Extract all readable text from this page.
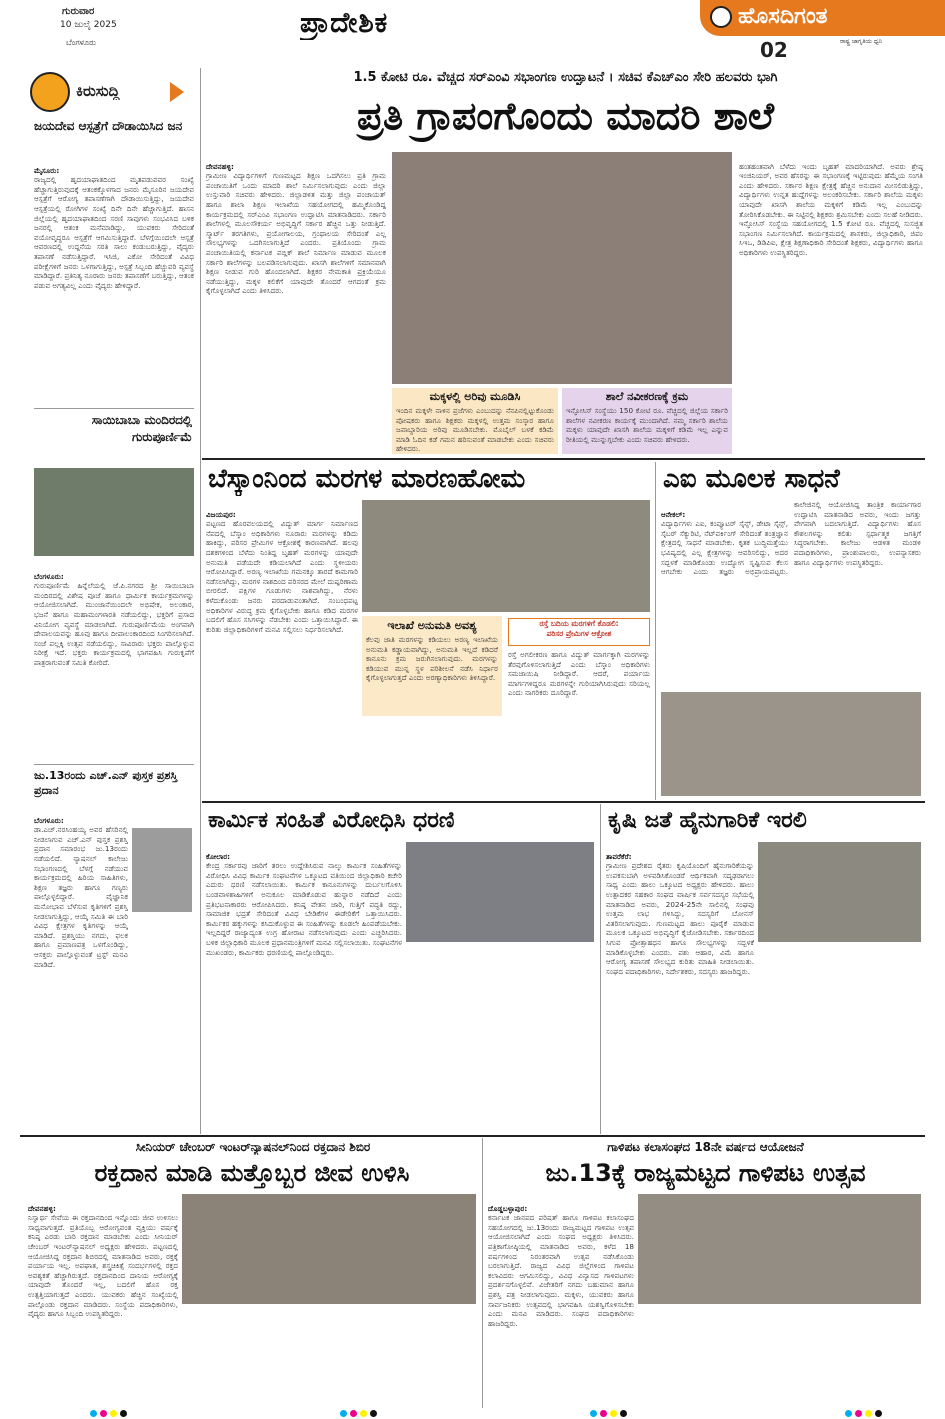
ಗುರುವಾರ
10 ಜುಲೈ 2025
ಬೆಂಗಳೂರು
ಪ್ರಾದೇಶಿಕ	ಹೊಸದಿಗಂತ
ರಾಷ್ಟ್ರ ಜಾಗೃತಿಯ ಧ್ವನಿ
02
ಕಿರುಸುದ್ದಿ
ಜಯದೇವ ಆಸ್ಪತ್ರೆಗೆ ದೌಡಾಯಿಸಿದ ಜನ

ಮೈಸೂರು:
ರಾಜ್ಯದಲ್ಲಿ ಹೃದಯಾಘಾತದಿಂದ ಮೃತಪಡುವವರ ಸಂಖ್ಯೆ ಹೆಚ್ಚಾಗುತ್ತಿರುವುದಕ್ಕೆ ಆತಂಕಕ್ಕೊಳಗಾದ ಜನರು ಮೈಸೂರಿನ ಜಯದೇವ ಆಸ್ಪತ್ರೆಗೆ ಆರೋಗ್ಯ ತಪಾಸಣೆಗಾಗಿ ದೌಡಾಯಿಸುತ್ತಿದ್ದು, ಜಯದೇವ ಆಸ್ಪತ್ರೆಯಲ್ಲಿ ರೋಗಿಗಳ ಸಂಖ್ಯೆ ದಿನೇ ದಿನೇ ಹೆಚ್ಚಾಗುತ್ತಿದೆ. ಹಾಸನ ಜಿಲ್ಲೆಯಲ್ಲಿ ಹೃದಯಾಘಾತದಿಂದ ಸರಣಿ ಸಾವುಗಳು ಸಂಭವಿಸಿದ ಬಳಿಕ ಜನರಲ್ಲಿ ಆತಂಕ ಮನೆಮಾಡಿದ್ದು, ಯುವಕರು ಸೇರಿದಂತೆ ವಯೋವೃದ್ಧರೂ ಆಸ್ಪತ್ರೆಗೆ ಆಗಮಿಸುತ್ತಿದ್ದಾರೆ. ಬೆಳಗ್ಗೆಯಿಂದಲೇ ಆಸ್ಪತ್ರೆ ಆವರಣದಲ್ಲಿ ಉದ್ದನೆಯ ಸರತಿ ಸಾಲು ಕಂಡುಬರುತ್ತಿದ್ದು, ವೈದ್ಯರು ತಪಾಸಣೆ ನಡೆಸುತ್ತಿದ್ದಾರೆ. ಇಸಿಜಿ, ಎಕೋ ಸೇರಿದಂತೆ ವಿವಿಧ ಪರೀಕ್ಷೆಗಳಿಗೆ ಜನರು ಒಳಗಾಗುತ್ತಿದ್ದು, ಆಸ್ಪತ್ರೆ ಸಿಬ್ಬಂದಿ ಹೆಚ್ಚುವರಿ ವ್ಯವಸ್ಥೆ ಮಾಡಿದ್ದಾರೆ. ಪ್ರತಿನಿತ್ಯ ನೂರಾರು ಜನರು ತಪಾಸಣೆಗೆ ಬರುತ್ತಿದ್ದು, ಆತಂಕ ಪಡುವ ಅಗತ್ಯವಿಲ್ಲ ಎಂದು ವೈದ್ಯರು ಹೇಳಿದ್ದಾರೆ.

ಸಾಯಿಬಾಬಾ ಮಂದಿರದಲ್ಲಿ ಗುರುಪೂರ್ಣಿಮೆ

ಬೆಂಗಳೂರು:
ಗುರುಪೂರ್ಣಿಮೆ ಹಿನ್ನೆಲೆಯಲ್ಲಿ ಜೆ.ಪಿ.ನಗರದ ಶ್ರೀ ಸಾಯಿಬಾಬಾ ಮಂದಿರದಲ್ಲಿ ವಿಶೇಷ ಪೂಜೆ ಹಾಗೂ ಧಾರ್ಮಿಕ ಕಾರ್ಯಕ್ರಮಗಳನ್ನು ಆಯೋಜಿಸಲಾಗಿದೆ. ಮುಂಜಾನೆಯಿಂದಲೇ ಅಭಿಷೇಕ, ಅಲಂಕಾರ, ಭಜನೆ ಹಾಗೂ ಮಹಾಮಂಗಳಾರತಿ ನಡೆಯಲಿದ್ದು, ಭಕ್ತರಿಗೆ ಪ್ರಸಾದ ವಿನಿಯೋಗ ವ್ಯವಸ್ಥೆ ಮಾಡಲಾಗಿದೆ. ಗುರುಪೂರ್ಣಿಮೆಯ ಅಂಗವಾಗಿ ದೇವಾಲಯವನ್ನು ಹೂವು ಹಾಗೂ ದೀಪಾಲಂಕಾರದಿಂದ ಸಿಂಗರಿಸಲಾಗಿದೆ. ಸಂಜೆ ಪಲ್ಲಕ್ಕಿ ಉತ್ಸವ ನಡೆಯಲಿದ್ದು, ಸಾವಿರಾರು ಭಕ್ತರು ಪಾಲ್ಗೊಳ್ಳುವ ನಿರೀಕ್ಷೆ ಇದೆ. ಭಕ್ತರು ಕಾರ್ಯಕ್ರಮದಲ್ಲಿ ಭಾಗವಹಿಸಿ ಗುರುಕೃಪೆಗೆ ಪಾತ್ರರಾಗುವಂತೆ ಸಮಿತಿ ಕೋರಿದೆ.

ಜು.13ರಂದು ಎಚ್.ಎನ್ ಪುಸ್ತಕ ಪ್ರಶಸ್ತಿ ಪ್ರದಾನ

ಬೆಂಗಳೂರು:
ಡಾ.ಎಚ್.ನರಸಿಂಹಯ್ಯ ಅವರ ಹೆಸರಿನಲ್ಲಿ ನೀಡಲಾಗುವ ಎಚ್.ಎನ್ ಪುಸ್ತಕ ಪ್ರಶಸ್ತಿ ಪ್ರದಾನ ಸಮಾರಂಭ ಜು.13ರಂದು ನಡೆಯಲಿದೆ. ನ್ಯಾಷನಲ್ ಕಾಲೇಜು ಸಭಾಂಗಣದಲ್ಲಿ ಬೆಳಗ್ಗೆ ನಡೆಯುವ ಕಾರ್ಯಕ್ರಮದಲ್ಲಿ ಹಿರಿಯ ಸಾಹಿತಿಗಳು, ಶಿಕ್ಷಣ ತಜ್ಞರು ಹಾಗೂ ಗಣ್ಯರು ಪಾಲ್ಗೊಳ್ಳಲಿದ್ದಾರೆ. ವೈಜ್ಞಾನಿಕ ಮನೋಭಾವ ಬೆಳೆಸುವ ಕೃತಿಗಳಿಗೆ ಪ್ರಶಸ್ತಿ ನೀಡಲಾಗುತ್ತಿದ್ದು, ಆಯ್ಕೆ ಸಮಿತಿ ಈ ಬಾರಿ ವಿವಿಧ ಕ್ಷೇತ್ರಗಳ ಕೃತಿಗಳನ್ನು ಆಯ್ಕೆ ಮಾಡಿದೆ. ಪ್ರಶಸ್ತಿಯು ನಗದು, ಫಲಕ ಹಾಗೂ ಪ್ರಮಾಣಪತ್ರ ಒಳಗೊಂಡಿದ್ದು, ಆಸಕ್ತರು ಪಾಲ್ಗೊಳ್ಳುವಂತೆ ಟ್ರಸ್ಟ್ ಮನವಿ ಮಾಡಿದೆ.

1.5 ಕೋಟಿ ರೂ. ವೆಚ್ಚದ ಸರ್‌ಎಂವಿ ಸಭಾಂಗಣ ಉದ್ಘಾಟನೆ । ಸಚಿವ ಕೆಎಚ್‌ಎಂ ಸೇರಿ ಹಲವರು ಭಾಗಿ
ಪ್ರತಿ ಗ್ರಾಪಂಗೊಂದು ಮಾದರಿ ಶಾಲೆ

ದೇವನಹಳ್ಳಿ:
ಗ್ರಾಮೀಣ ವಿದ್ಯಾರ್ಥಿಗಳಿಗೆ ಗುಣಮಟ್ಟದ ಶಿಕ್ಷಣ ಒದಗಿಸಲು ಪ್ರತಿ ಗ್ರಾಮ ಪಂಚಾಯಿತಿಗೆ ಒಂದು ಮಾದರಿ ಶಾಲೆ ನಿರ್ಮಿಸಲಾಗುವುದು ಎಂದು ಜಿಲ್ಲಾ ಉಸ್ತುವಾರಿ ಸಚಿವರು ಹೇಳಿದರು. ಜಿಲ್ಲಾಡಳಿತ ಮತ್ತು ಜಿಲ್ಲಾ ಪಂಚಾಯತ್ ಹಾಗೂ ಶಾಲಾ ಶಿಕ್ಷಣ ಇಲಾಖೆಯ ಸಹಯೋಗದಲ್ಲಿ ಹಮ್ಮಿಕೊಂಡಿದ್ದ ಕಾರ್ಯಕ್ರಮದಲ್ಲಿ ಸರ್‌ಎಂವಿ ಸಭಾಂಗಣ ಉದ್ಘಾಟಿಸಿ ಮಾತನಾಡಿದರು. ಸರ್ಕಾರಿ ಶಾಲೆಗಳಲ್ಲಿ ಮೂಲಸೌಕರ್ಯ ಅಭಿವೃದ್ಧಿಗೆ ಸರ್ಕಾರ ಹೆಚ್ಚಿನ ಒತ್ತು ನೀಡುತ್ತಿದೆ. ಸ್ಮಾರ್ಟ್ ತರಗತಿಗಳು, ಪ್ರಯೋಗಾಲಯ, ಗ್ರಂಥಾಲಯ ಸೇರಿದಂತೆ ಎಲ್ಲ ಸೌಲಭ್ಯಗಳನ್ನು ಒದಗಿಸಲಾಗುತ್ತಿದೆ ಎಂದರು. ಪ್ರತಿಯೊಂದು ಗ್ರಾಮ ಪಂಚಾಯಿತಿಯಲ್ಲಿ ಕರ್ನಾಟಕ ಪಬ್ಲಿಕ್ ಶಾಲೆ ನಿರ್ಮಾಣ ಮಾಡುವ ಮೂಲಕ ಸರ್ಕಾರಿ ಶಾಲೆಗಳನ್ನು ಬಲಪಡಿಸಲಾಗುವುದು. ಖಾಸಗಿ ಶಾಲೆಗಳಿಗೆ ಸಮಾನವಾಗಿ ಶಿಕ್ಷಣ ನೀಡುವ ಗುರಿ ಹೊಂದಲಾಗಿದೆ. ಶಿಕ್ಷಕರ ನೇಮಕಾತಿ ಪ್ರಕ್ರಿಯೆಯೂ ನಡೆಯುತ್ತಿದ್ದು, ಮಕ್ಕಳ ಕಲಿಕೆಗೆ ಯಾವುದೇ ತೊಂದರೆ ಆಗದಂತೆ ಕ್ರಮ ಕೈಗೊಳ್ಳಲಾಗಿದೆ ಎಂದು ತಿಳಿಸಿದರು.

ಹಂತಹಂತವಾಗಿ ಬೆಳೆದು ಇಂದು ಬೃಹತ್ ಮಾದರಿಯಾಗಿದೆ. ಅವರು ಶ್ರೇಷ್ಠ ಇಂಜಿನಿಯರ್, ಅವರ ಹೆಸರನ್ನು ಈ ಸಭಾಂಗಣಕ್ಕೆ ಇಟ್ಟಿರುವುದು ಹೆಮ್ಮೆಯ ಸಂಗತಿ ಎಂದು ಹೇಳಿದರು. ಸರ್ಕಾರ ಶಿಕ್ಷಣ ಕ್ಷೇತ್ರಕ್ಕೆ ಹೆಚ್ಚಿನ ಅನುದಾನ ಮೀಸಲಿಡುತ್ತಿದ್ದು, ವಿದ್ಯಾರ್ಥಿಗಳು ಉನ್ನತ ಹುದ್ದೆಗಳನ್ನು ಅಲಂಕರಿಸಬೇಕು. ಸರ್ಕಾರಿ ಶಾಲೆಯ ಮಕ್ಕಳು ಯಾವುದೇ ಖಾಸಗಿ ಶಾಲೆಯ ಮಕ್ಕಳಿಗೆ ಕಡಿಮೆ ಇಲ್ಲ ಎಂಬುದನ್ನು ತೋರಿಸಿಕೊಡಬೇಕು. ಈ ನಿಟ್ಟಿನಲ್ಲಿ ಶಿಕ್ಷಕರು ಶ್ರಮಿಸಬೇಕು ಎಂದು ಸಲಹೆ ನೀಡಿದರು. ಇನ್ಫೋಸಿಸ್ ಸಂಸ್ಥೆಯ ಸಹಯೋಗದಲ್ಲಿ 1.5 ಕೋಟಿ ರೂ. ವೆಚ್ಚದಲ್ಲಿ ಸುಸಜ್ಜಿತ ಸಭಾಂಗಣ ನಿರ್ಮಿಸಲಾಗಿದೆ. ಕಾರ್ಯಕ್ರಮದಲ್ಲಿ ಶಾಸಕರು, ಜಿಲ್ಲಾಧಿಕಾರಿ, ಜಿಪಂ ಸಿಇಒ, ಡಿಡಿಪಿಐ, ಕ್ಷೇತ್ರ ಶಿಕ್ಷಣಾಧಿಕಾರಿ ಸೇರಿದಂತೆ ಶಿಕ್ಷಕರು, ವಿದ್ಯಾರ್ಥಿಗಳು ಹಾಗೂ ಅಧಿಕಾರಿಗಳು ಉಪಸ್ಥಿತರಿದ್ದರು.

ಮಕ್ಕಳಲ್ಲಿ ಅರಿವು ಮೂಡಿಸಿ
ಇಂದಿನ ಮಕ್ಕಳೇ ನಾಳಿನ ಪ್ರಜೆಗಳು ಎಂಬುದನ್ನು ನೆನಪಿನಲ್ಲಿಟ್ಟುಕೊಂಡು ಪೋಷಕರು ಹಾಗೂ ಶಿಕ್ಷಕರು ಮಕ್ಕಳಲ್ಲಿ ಉತ್ತಮ ಸಂಸ್ಕಾರ ಹಾಗೂ ಜವಾಬ್ದಾರಿಯ ಅರಿವು ಮೂಡಿಸಬೇಕು. ಮೊಬೈಲ್ ಬಳಕೆ ಕಡಿಮೆ ಮಾಡಿ ಓದಿನ ಕಡೆ ಗಮನ ಹರಿಸುವಂತೆ ಮಾಡಬೇಕು ಎಂದು ಸಚಿವರು ಹೇಳಿದರು.
ಶಾಲೆ ನವೀಕರಣಕ್ಕೆ ಕ್ರಮ
ಇನ್ಫೋಸಿಸ್ ಸಂಸ್ಥೆಯು 150 ಕೋಟಿ ರೂ. ವೆಚ್ಚದಲ್ಲಿ ಜಿಲ್ಲೆಯ ಸರ್ಕಾರಿ ಶಾಲೆಗಳ ನವೀಕರಣ ಕಾರ್ಯಕ್ಕೆ ಮುಂದಾಗಿದೆ. ನಮ್ಮ ಸರ್ಕಾರಿ ಶಾಲೆಯ ಮಕ್ಕಳು ಯಾವುದೇ ಖಾಸಗಿ ಶಾಲೆಯ ಮಕ್ಕಳಿಗೆ ಕಡಿಮೆ ಇಲ್ಲ ಎನ್ನುವ ರೀತಿಯಲ್ಲಿ ಮುನ್ನುಗ್ಗಬೇಕು ಎಂದು ಸಚಿವರು ಹೇಳಿದರು.
ಬೆಸ್ಕಾಂನಿಂದ ಮರಗಳ ಮಾರಣಹೋಮ

ವಿಜಯಪುರ:
ಪಟ್ಟಣದ ಹೊರವಲಯದಲ್ಲಿ ವಿದ್ಯುತ್ ಮಾರ್ಗ ನಿರ್ಮಾಣದ ನೆಪದಲ್ಲಿ ಬೆಸ್ಕಾಂ ಅಧಿಕಾರಿಗಳು ನೂರಾರು ಮರಗಳನ್ನು ಕಡಿದು ಹಾಕಿದ್ದು, ಪರಿಸರ ಪ್ರೇಮಿಗಳ ಆಕ್ರೋಶಕ್ಕೆ ಕಾರಣವಾಗಿದೆ. ಹಲವು ದಶಕಗಳಿಂದ ಬೆಳೆದು ನಿಂತಿದ್ದ ಬೃಹತ್ ಮರಗಳನ್ನು ಯಾವುದೇ ಅನುಮತಿ ಪಡೆಯದೇ ಕಡಿಯಲಾಗಿದೆ ಎಂದು ಸ್ಥಳೀಯರು ಆರೋಪಿಸಿದ್ದಾರೆ. ಅರಣ್ಯ ಇಲಾಖೆಯ ಗಮನಕ್ಕೂ ತಾರದೆ ಕಾಮಗಾರಿ ನಡೆಸಲಾಗಿದ್ದು, ಮರಗಳ ನಾಶದಿಂದ ಪರಿಸರದ ಮೇಲೆ ದುಷ್ಪರಿಣಾಮ ಬೀರಲಿದೆ. ಪಕ್ಷಿಗಳ ಗೂಡುಗಳು ನಾಶವಾಗಿದ್ದು, ನೆರಳು ಕಳೆದುಕೊಂಡು ಜನರು ಪರದಾಡುವಂತಾಗಿದೆ. ಸಂಬಂಧಪಟ್ಟ ಅಧಿಕಾರಿಗಳ ವಿರುದ್ಧ ಕ್ರಮ ಕೈಗೊಳ್ಳಬೇಕು ಹಾಗೂ ಕಡಿದ ಮರಗಳ ಬದಲಿಗೆ ಹೊಸ ಸಸಿಗಳನ್ನು ನೆಡಬೇಕು ಎಂದು ಒತ್ತಾಯಿಸಿದ್ದಾರೆ. ಈ ಕುರಿತು ಜಿಲ್ಲಾಧಿಕಾರಿಗಳಿಗೆ ಮನವಿ ಸಲ್ಲಿಸಲು ನಿರ್ಧರಿಸಲಾಗಿದೆ.	ಇಲಾಖೆ ಅನುಮತಿ ಅವಶ್ಯ
ಕೆಲವು ಜಾತಿ ಮರಗಳನ್ನು ಕಡಿಯಲು ಅರಣ್ಯ ಇಲಾಖೆಯ ಅನುಮತಿ ಕಡ್ಡಾಯವಾಗಿದ್ದು, ಅನುಮತಿ ಇಲ್ಲದೆ ಕಡಿದರೆ ಕಾನೂನು ಕ್ರಮ ಜರುಗಿಸಲಾಗುವುದು. ಮರಗಳನ್ನು ಕಡಿಯುವ ಮುನ್ನ ಸ್ಥಳ ಪರಿಶೀಲನೆ ನಡೆಸಿ ನಿರ್ಧಾರ ಕೈಗೊಳ್ಳಲಾಗುತ್ತದೆ ಎಂದು ಅರಣ್ಯಾಧಿಕಾರಿಗಳು ತಿಳಿಸಿದ್ದಾರೆ.
ರಸ್ತೆ ಬದಿಯ ಮರಗಳಿಗೆ ಕೊಡಲಿ:
ಪರಿಸರ ಪ್ರೇಮಿಗಳ ಆಕ್ರೋಶ
ರಸ್ತೆ ಅಗಲೀಕರಣ ಹಾಗೂ ವಿದ್ಯುತ್ ಮಾರ್ಗಕ್ಕಾಗಿ ಮರಗಳನ್ನು ತೆರವುಗೊಳಿಸಲಾಗುತ್ತಿದೆ ಎಂದು ಬೆಸ್ಕಾಂ ಅಧಿಕಾರಿಗಳು ಸಮಜಾಯಿಷಿ ನೀಡಿದ್ದಾರೆ. ಆದರೆ, ಪರ್ಯಾಯ ಮಾರ್ಗಗಳಿದ್ದರೂ ಮರಗಳನ್ನೇ ಗುರಿಯಾಗಿಸಿರುವುದು ಸರಿಯಲ್ಲ ಎಂದು ನಾಗರಿಕರು ದೂರಿದ್ದಾರೆ.
ಎಐ ಮೂಲಕ ಸಾಧನೆ

ಆನೇಕಲ್:
ವಿದ್ಯಾರ್ಥಿಗಳು ಎಐ, ಕಂಪ್ಯೂಟರ್ ಸೈನ್ಸ್, ಡೇಟಾ ಸೈನ್ಸ್, ಸೈಬರ್ ಸೆಕ್ಯುರಿಟಿ, ನೆಟ್‌ವರ್ಕಿಂಗ್ ಸೇರಿದಂತೆ ತಂತ್ರಜ್ಞಾನ ಕ್ಷೇತ್ರದಲ್ಲಿ ಸಾಧನೆ ಮಾಡಬೇಕು. ಕೃತಕ ಬುದ್ಧಿಮತ್ತೆಯು ಭವಿಷ್ಯದಲ್ಲಿ ಎಲ್ಲ ಕ್ಷೇತ್ರಗಳನ್ನು ಆವರಿಸಲಿದ್ದು, ಅದರ ಸದ್ಬಳಕೆ ಮಾಡಿಕೊಂಡು ಉದ್ಯೋಗ ಸೃಷ್ಟಿಸುವ ಕೆಲಸ ಆಗಬೇಕು ಎಂದು ತಜ್ಞರು ಅಭಿಪ್ರಾಯಪಟ್ಟರು. ಕಾಲೇಜಿನಲ್ಲಿ ಆಯೋಜಿಸಿದ್ದ ತಾಂತ್ರಿಕ ಕಾರ್ಯಾಗಾರ ಉದ್ಘಾಟಿಸಿ ಮಾತನಾಡಿದ ಅವರು, ಇಂದು ಜಗತ್ತು ವೇಗವಾಗಿ ಬದಲಾಗುತ್ತಿದೆ. ವಿದ್ಯಾರ್ಥಿಗಳು ಹೊಸ ಕೌಶಲಗಳನ್ನು ಕಲಿತು ಸ್ಪರ್ಧಾತ್ಮಕ ಜಗತ್ತಿಗೆ ಸಿದ್ಧರಾಗಬೇಕು. ಕಾಲೇಜು ಆಡಳಿತ ಮಂಡಳಿ ಪದಾಧಿಕಾರಿಗಳು, ಪ್ರಾಂಶುಪಾಲರು, ಉಪನ್ಯಾಸಕರು ಹಾಗೂ ವಿದ್ಯಾರ್ಥಿಗಳು ಉಪಸ್ಥಿತರಿದ್ದರು.

ಕಾರ್ಮಿಕ ಸಂಹಿತೆ ವಿರೋಧಿಸಿ ಧರಣಿ

ಕೋಲಾರ:
ಕೇಂದ್ರ ಸರ್ಕಾರವು ಜಾರಿಗೆ ತರಲು ಉದ್ದೇಶಿಸಿರುವ ನಾಲ್ಕು ಕಾರ್ಮಿಕ ಸಂಹಿತೆಗಳನ್ನು ವಿರೋಧಿಸಿ ವಿವಿಧ ಕಾರ್ಮಿಕ ಸಂಘಟನೆಗಳ ಒಕ್ಕೂಟದ ವತಿಯಿಂದ ಜಿಲ್ಲಾಧಿಕಾರಿ ಕಚೇರಿ ಎದುರು ಧರಣಿ ನಡೆಸಲಾಯಿತು. ಕಾರ್ಮಿಕ ಕಾನೂನುಗಳನ್ನು ದುರ್ಬಲಗೊಳಿಸಿ ಬಂಡವಾಳಶಾಹಿಗಳಿಗೆ ಅನುಕೂಲ ಮಾಡಿಕೊಡುವ ಹುನ್ನಾರ ನಡೆದಿದೆ ಎಂದು ಪ್ರತಿಭಟನಾಕಾರರು ಆರೋಪಿಸಿದರು. ಕನಿಷ್ಠ ವೇತನ ಜಾರಿ, ಗುತ್ತಿಗೆ ಪದ್ಧತಿ ರದ್ದು, ಸಾಮಾಜಿಕ ಭದ್ರತೆ ಸೇರಿದಂತೆ ವಿವಿಧ ಬೇಡಿಕೆಗಳ ಈಡೇರಿಕೆಗೆ ಒತ್ತಾಯಿಸಿದರು. ಕಾರ್ಮಿಕರ ಹಕ್ಕುಗಳನ್ನು ಕಸಿದುಕೊಳ್ಳುವ ಈ ಸಂಹಿತೆಗಳನ್ನು ಕೂಡಲೇ ಹಿಂಪಡೆಯಬೇಕು. ಇಲ್ಲದಿದ್ದರೆ ರಾಜ್ಯಾದ್ಯಂತ ಉಗ್ರ ಹೋರಾಟ ನಡೆಸಲಾಗುವುದು ಎಂದು ಎಚ್ಚರಿಸಿದರು. ಬಳಿಕ ಜಿಲ್ಲಾಧಿಕಾರಿ ಮೂಲಕ ಪ್ರಧಾನಮಂತ್ರಿಗಳಿಗೆ ಮನವಿ ಸಲ್ಲಿಸಲಾಯಿತು. ಸಂಘಟನೆಗಳ ಮುಖಂಡರು, ಕಾರ್ಮಿಕರು ಧರಣಿಯಲ್ಲಿ ಪಾಲ್ಗೊಂಡಿದ್ದರು.

ಕೃಷಿ ಜತೆ ಹೈನುಗಾರಿಕೆ ಇರಲಿ

ತಾವರೆಕೆರೆ:
ಗ್ರಾಮೀಣ ಪ್ರದೇಶದ ರೈತರು ಕೃಷಿಯೊಂದಿಗೆ ಹೈನುಗಾರಿಕೆಯನ್ನು ಉಪಕಸುಬಾಗಿ ಅಳವಡಿಸಿಕೊಂಡರೆ ಆರ್ಥಿಕವಾಗಿ ಸದೃಢರಾಗಲು ಸಾಧ್ಯ ಎಂದು ಹಾಲು ಒಕ್ಕೂಟದ ಅಧ್ಯಕ್ಷರು ಹೇಳಿದರು. ಹಾಲು ಉತ್ಪಾದಕರ ಸಹಕಾರ ಸಂಘದ ವಾರ್ಷಿಕ ಸರ್ವಸದಸ್ಯರ ಸಭೆಯಲ್ಲಿ ಮಾತನಾಡಿದ ಅವರು, 2024-25ನೇ ಸಾಲಿನಲ್ಲಿ ಸಂಘವು ಉತ್ತಮ ಲಾಭ ಗಳಿಸಿದ್ದು, ಸದಸ್ಯರಿಗೆ ಬೋನಸ್ ವಿತರಿಸಲಾಗುವುದು. ಗುಣಮಟ್ಟದ ಹಾಲು ಪೂರೈಕೆ ಮಾಡುವ ಮೂಲಕ ಒಕ್ಕೂಟದ ಅಭಿವೃದ್ಧಿಗೆ ಕೈಜೋಡಿಸಬೇಕು. ಸರ್ಕಾರದಿಂದ ಸಿಗುವ ಪ್ರೋತ್ಸಾಹಧನ ಹಾಗೂ ಸೌಲಭ್ಯಗಳನ್ನು ಸದ್ಬಳಕೆ ಮಾಡಿಕೊಳ್ಳಬೇಕು ಎಂದರು. ಪಶು ಆಹಾರ, ವಿಮೆ ಹಾಗೂ ಆರೋಗ್ಯ ತಪಾಸಣೆ ಸೌಲಭ್ಯದ ಕುರಿತು ಮಾಹಿತಿ ನೀಡಲಾಯಿತು. ಸಂಘದ ಪದಾಧಿಕಾರಿಗಳು, ನಿರ್ದೇಶಕರು, ಸದಸ್ಯರು ಹಾಜರಿದ್ದರು.

ಸೀನಿಯರ್ ಚೇಂಬರ್ ಇಂಟರ್‌ನ್ಯಾಷನಲ್‌ನಿಂದ ರಕ್ತದಾನ ಶಿಬಿರ
ರಕ್ತದಾನ ಮಾಡಿ ಮತ್ತೊಬ್ಬರ ಜೀವ ಉಳಿಸಿ

ದೇವನಹಳ್ಳಿ:
ನಿಸ್ವಾರ್ಥ ಸೇವೆಯ ಈ ರಕ್ತದಾನದಿಂದ ಇನ್ನೊಂದು ಜೀವ ಉಳಿಸಲು ಸಾಧ್ಯವಾಗುತ್ತದೆ. ಪ್ರತಿಯೊಬ್ಬ ಆರೋಗ್ಯವಂತ ವ್ಯಕ್ತಿಯು ವರ್ಷಕ್ಕೆ ಕನಿಷ್ಠ ಎರಡು ಬಾರಿ ರಕ್ತದಾನ ಮಾಡಬೇಕು ಎಂದು ಸೀನಿಯರ್ ಚೇಂಬರ್ ಇಂಟರ್‌ನ್ಯಾಷನಲ್ ಅಧ್ಯಕ್ಷರು ಹೇಳಿದರು. ಪಟ್ಟಣದಲ್ಲಿ ಆಯೋಜಿಸಿದ್ದ ರಕ್ತದಾನ ಶಿಬಿರದಲ್ಲಿ ಮಾತನಾಡಿದ ಅವರು, ರಕ್ತಕ್ಕೆ ಪರ್ಯಾಯ ಇಲ್ಲ. ಅಪಘಾತ, ಶಸ್ತ್ರಚಿಕಿತ್ಸೆ ಸಂದರ್ಭಗಳಲ್ಲಿ ರಕ್ತದ ಅವಶ್ಯಕತೆ ಹೆಚ್ಚಾಗಿರುತ್ತದೆ. ರಕ್ತದಾನದಿಂದ ದಾನಿಯ ಆರೋಗ್ಯಕ್ಕೆ ಯಾವುದೇ ತೊಂದರೆ ಇಲ್ಲ, ಬದಲಿಗೆ ಹೊಸ ರಕ್ತ ಉತ್ಪತ್ತಿಯಾಗುತ್ತದೆ ಎಂದರು. ಯುವಕರು ಹೆಚ್ಚಿನ ಸಂಖ್ಯೆಯಲ್ಲಿ ಪಾಲ್ಗೊಂಡು ರಕ್ತದಾನ ಮಾಡಿದರು. ಸಂಸ್ಥೆಯ ಪದಾಧಿಕಾರಿಗಳು, ವೈದ್ಯರು ಹಾಗೂ ಸಿಬ್ಬಂದಿ ಉಪಸ್ಥಿತರಿದ್ದರು.

ಗಾಳಿಪಟ ಕಲಾಸಂಘದ 18ನೇ ವರ್ಷದ ಆಯೋಜನೆ
ಜು.13ಕ್ಕೆ ರಾಜ್ಯಮಟ್ಟದ ಗಾಳಿಪಟ ಉತ್ಸವ

ದೊಡ್ಡಬಳ್ಳಾಪುರ:
ಕರ್ನಾಟಕ ಜಾನಪದ ಪರಿಷತ್ ಹಾಗೂ ಗಾಳಿಪಟ ಕಲಾಸಂಘದ ಸಹಯೋಗದಲ್ಲಿ ಜು.13ರಂದು ರಾಜ್ಯಮಟ್ಟದ ಗಾಳಿಪಟ ಉತ್ಸವ ಆಯೋಜಿಸಲಾಗಿದೆ ಎಂದು ಸಂಘದ ಅಧ್ಯಕ್ಷರು ತಿಳಿಸಿದರು. ಪತ್ರಿಕಾಗೋಷ್ಠಿಯಲ್ಲಿ ಮಾತನಾಡಿದ ಅವರು, ಕಳೆದ 18 ವರ್ಷಗಳಿಂದ ನಿರಂತರವಾಗಿ ಉತ್ಸವ ನಡೆಸಿಕೊಂಡು ಬರಲಾಗುತ್ತಿದೆ. ರಾಜ್ಯದ ವಿವಿಧ ಜಿಲ್ಲೆಗಳಿಂದ ಗಾಳಿಪಟ ಕಲಾವಿದರು ಆಗಮಿಸಲಿದ್ದು, ವಿವಿಧ ವಿನ್ಯಾಸದ ಗಾಳಿಪಟಗಳು ಪ್ರದರ್ಶನಗೊಳ್ಳಲಿವೆ. ವಿಜೇತರಿಗೆ ನಗದು ಬಹುಮಾನ ಹಾಗೂ ಪ್ರಶಸ್ತಿ ಪತ್ರ ನೀಡಲಾಗುವುದು. ಮಕ್ಕಳು, ಯುವಕರು ಹಾಗೂ ಸಾರ್ವಜನಿಕರು ಉತ್ಸವದಲ್ಲಿ ಭಾಗವಹಿಸಿ ಯಶಸ್ವಿಗೊಳಿಸಬೇಕು ಎಂದು ಮನವಿ ಮಾಡಿದರು. ಸಂಘದ ಪದಾಧಿಕಾರಿಗಳು ಹಾಜರಿದ್ದರು.
